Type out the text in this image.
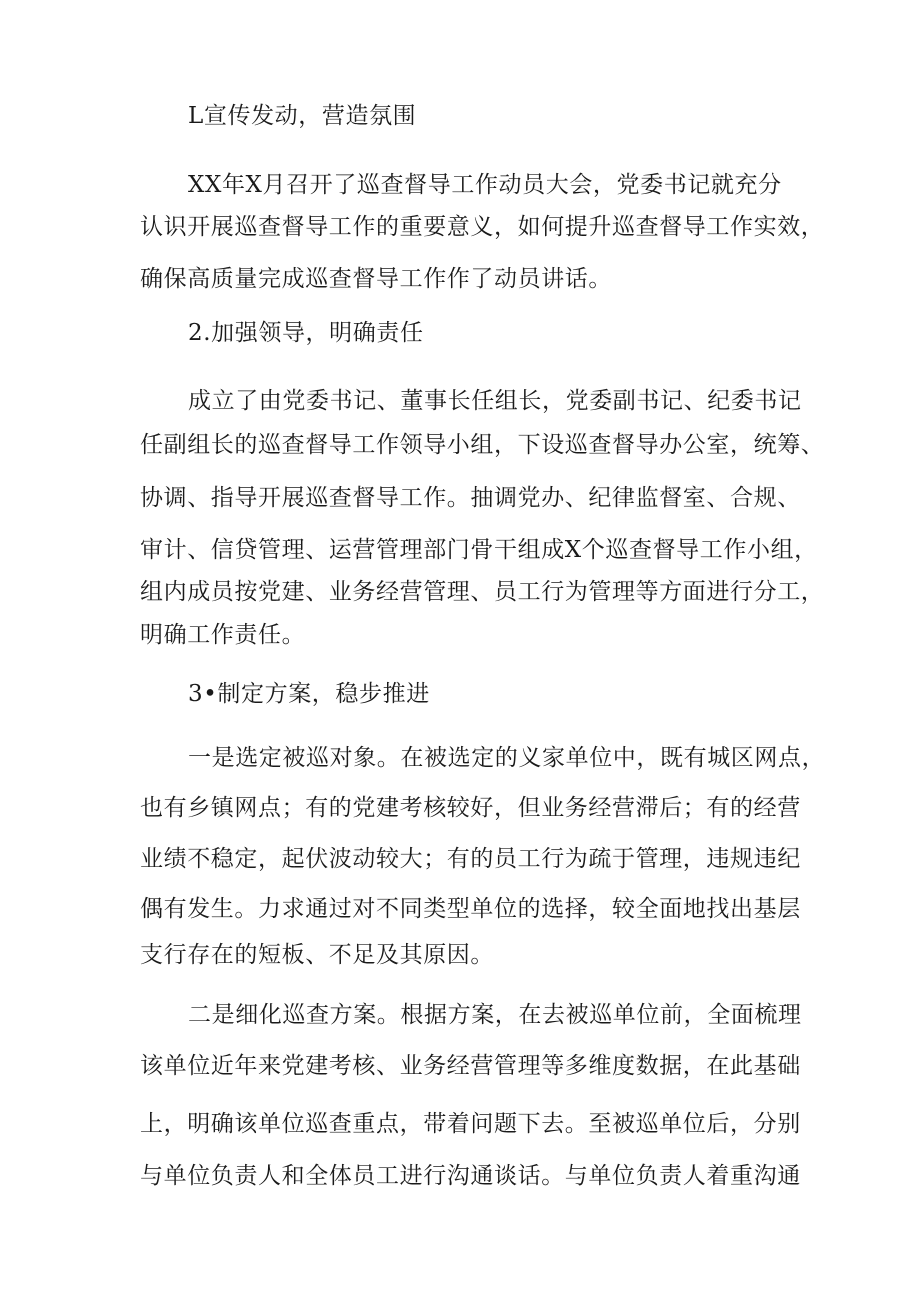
L宣传发动，营造氛围
XX年X月召开了巡查督导工作动员大会，党委书记就充分
认识开展巡查督导工作的重要意义，如何提升巡查督导工作实效，
确保高质量完成巡查督导工作作了动员讲话。
2.加强领导，明确责任
成立了由党委书记、董事长任组长，党委副书记、纪委书记
任副组长的巡查督导工作领导小组，下设巡查督导办公室，统筹、
协调、指导开展巡查督导工作。抽调党办、纪律监督室、合规、
审计、信贷管理、运营管理部门骨干组成X个巡查督导工作小组，
组内成员按党建、业务经营管理、员工行为管理等方面进行分工，
明确工作责任。
3•制定方案，稳步推进
一是选定被巡对象。在被选定的义家单位中，既有城区网点，
也有乡镇网点；有的党建考核较好，但业务经营滞后；有的经营
业绩不稳定，起伏波动较大；有的员工行为疏于管理，违规违纪
偶有发生。力求通过对不同类型单位的选择，较全面地找出基层
支行存在的短板、不足及其原因。
二是细化巡查方案。根据方案，在去被巡单位前，全面梳理
该单位近年来党建考核、业务经营管理等多维度数据，在此基础
上，明确该单位巡查重点，带着问题下去。至被巡单位后，分别
与单位负责人和全体员工进行沟通谈话。与单位负责人着重沟通
